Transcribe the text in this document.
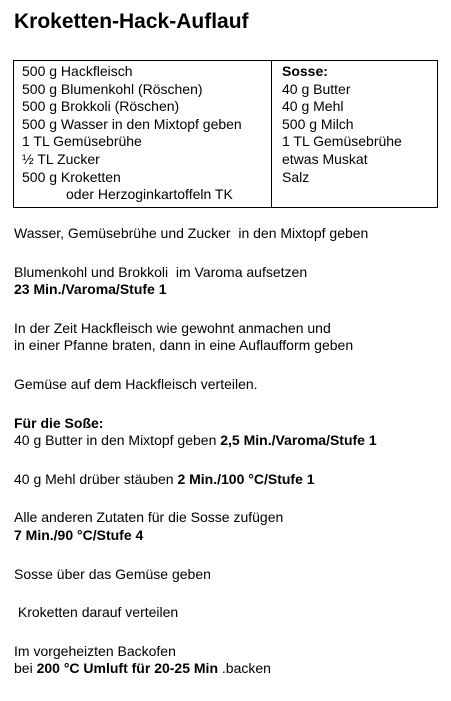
Kroketten-Hack-Auflauf
500 g Hackfleisch
500 g Blumenkohl (Röschen)
500 g Brokkoli (Röschen)
500 g Wasser in den Mixtopf geben
1 TL Gemüsebrühe
½ TL Zucker
500 g Kroketten
oder Herzoginkartoffeln TK

Sosse:
40 g Butter
40 g Mehl
500 g Milch
1 TL Gemüsebrühe
etwas Muskat
Salz
Wasser, Gemüsebrühe und Zucker  in den Mixtopf geben
Blumenkohl und Brokkoli  im Varoma aufsetzen
23 Min./Varoma/Stufe 1
In der Zeit Hackfleisch wie gewohnt anmachen und
in einer Pfanne braten, dann in eine Auflaufform geben
Gemüse auf dem Hackfleisch verteilen.
Für die Soße:
40 g Butter in den Mixtopf geben 2,5 Min./Varoma/Stufe 1
40 g Mehl drüber stäuben 2 Min./100 °C/Stufe 1
Alle anderen Zutaten für die Sosse zufügen
7 Min./90 °C/Stufe 4
Sosse über das Gemüse geben
Kroketten darauf verteilen
Im vorgeheizten Backofen
bei 200 °C Umluft für 20-25 Min .backen
